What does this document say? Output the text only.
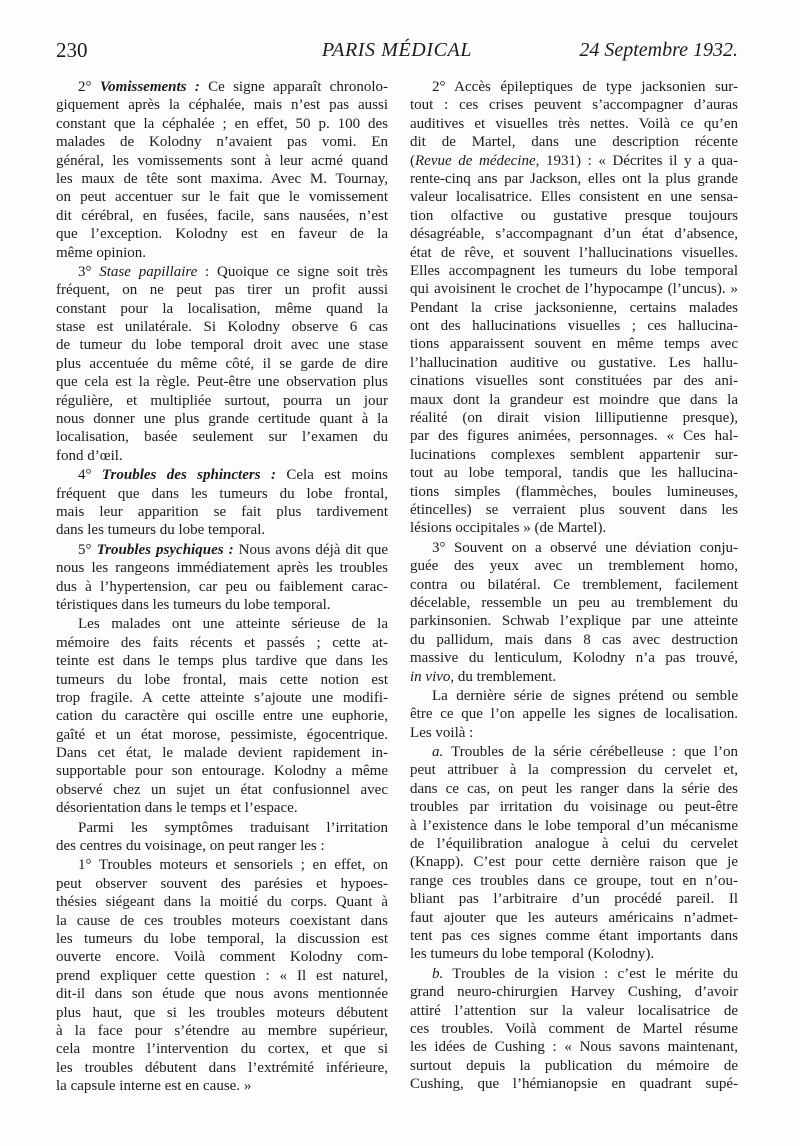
230	PARIS MÉDICAL	24 Septembre 1932.
2° Vomissements : Ce signe apparaît chronolo-
giquement après la céphalée, mais n’est pas aussi
constant que la céphalée ; en effet, 50 p. 100 des
malades de Kolodny n’avaient pas vomi. En
général, les vomissements sont à leur acmé quand
les maux de tête sont maxima. Avec M. Tournay,
on peut accentuer sur le fait que le vomissement
dit cérébral, en fusées, facile, sans nausées, n’est
que l’exception. Kolodny est en faveur de la
même opinion.
3° Stase papillaire : Quoique ce signe soit très
fréquent, on ne peut pas tirer un profit aussi
constant pour la localisation, même quand la
stase est unilatérale. Si Kolodny observe 6 cas
de tumeur du lobe temporal droit avec une stase
plus accentuée du même côté, il se garde de dire
que cela est la règle. Peut-être une observation plus
régulière, et multipliée surtout, pourra un jour
nous donner une plus grande certitude quant à la
localisation, basée seulement sur l’examen du
fond d’œil.
4° Troubles des sphincters : Cela est moins
fréquent que dans les tumeurs du lobe frontal,
mais leur apparition se fait plus tardivement
dans les tumeurs du lobe temporal.
5° Troubles psychiques : Nous avons déjà dit que
nous les rangeons immédiatement après les troubles
dus à l’hypertension, car peu ou faiblement carac-
téristiques dans les tumeurs du lobe temporal.
Les malades ont une atteinte sérieuse de la
mémoire des faits récents et passés ; cette at-
teinte est dans le temps plus tardive que dans les
tumeurs du lobe frontal, mais cette notion est
trop fragile. A cette atteinte s’ajoute une modifi-
cation du caractère qui oscille entre une euphorie,
gaîté et un état morose, pessimiste, égocentrique.
Dans cet état, le malade devient rapidement in-
supportable pour son entourage. Kolodny a même
observé chez un sujet un état confusionnel avec
désorientation dans le temps et l’espace.
Parmi les symptômes traduisant l’irritation
des centres du voisinage, on peut ranger les :
1° Troubles moteurs et sensoriels ; en effet, on
peut observer souvent des parésies et hypoes-
thésies siégeant dans la moitié du corps. Quant à
la cause de ces troubles moteurs coexistant dans
les tumeurs du lobe temporal, la discussion est
ouverte encore. Voilà comment Kolodny com-
prend expliquer cette question : « Il est naturel,
dit-il dans son étude que nous avons mentionnée
plus haut, que si les troubles moteurs débutent
à la face pour s’étendre au membre supérieur,
cela montre l’intervention du cortex, et que si
les troubles débutent dans l’extrémité inférieure,
la capsule interne est en cause. »
2° Accès épileptiques de type jacksonien sur-
tout : ces crises peuvent s’accompagner d’auras
auditives et visuelles très nettes. Voilà ce qu’en
dit de Martel, dans une description récente
(Revue de médecine, 1931) : « Décrites il y a qua-
rente-cinq ans par Jackson, elles ont la plus grande
valeur localisatrice. Elles consistent en une sensa-
tion olfactive ou gustative presque toujours
désagréable, s’accompagnant d’un état d’absence,
état de rêve, et souvent l’hallucinations visuelles.
Elles accompagnent les tumeurs du lobe temporal
qui avoisinent le crochet de l’hypocampe (l’uncus). »
Pendant la crise jacksonienne, certains malades
ont des hallucinations visuelles ; ces hallucina-
tions apparaissent souvent en même temps avec
l’hallucination auditive ou gustative. Les hallu-
cinations visuelles sont constituées par des ani-
maux dont la grandeur est moindre que dans la
réalité (on dirait vision lilliputienne presque),
par des figures animées, personnages. « Ces hal-
lucinations complexes semblent appartenir sur-
tout au lobe temporal, tandis que les hallucina-
tions simples (flammèches, boules lumineuses,
étincelles) se verraient plus souvent dans les
lésions occipitales » (de Martel).
3° Souvent on a observé une déviation conju-
guée des yeux avec un tremblement homo,
contra ou bilatéral. Ce tremblement, facilement
décelable, ressemble un peu au tremblement du
parkinsonien. Schwab l’explique par une atteinte
du pallidum, mais dans 8 cas avec destruction
massive du lenticulum, Kolodny n’a pas trouvé,
in vivo, du tremblement.
La dernière série de signes prétend ou semble
être ce que l’on appelle les signes de localisation.
Les voilà :
a. Troubles de la série cérébelleuse : que l’on
peut attribuer à la compression du cervelet et,
dans ce cas, on peut les ranger dans la série des
troubles par irritation du voisinage ou peut-être
à l’existence dans le lobe temporal d’un mécanisme
de l’équilibration analogue à celui du cervelet
(Knapp). C’est pour cette dernière raison que je
range ces troubles dans ce groupe, tout en n’ou-
bliant pas l’arbitraire d’un procédé pareil. Il
faut ajouter que les auteurs américains n’admet-
tent pas ces signes comme étant importants dans
les tumeurs du lobe temporal (Kolodny).
b. Troubles de la vision : c’est le mérite du
grand neuro-chirurgien Harvey Cushing, d’avoir
attiré l’attention sur la valeur localisatrice de
ces troubles. Voilà comment de Martel résume
les idées de Cushing : « Nous savons maintenant,
surtout depuis la publication du mémoire de
Cushing, que l’hémianopsie en quadrant supé-
